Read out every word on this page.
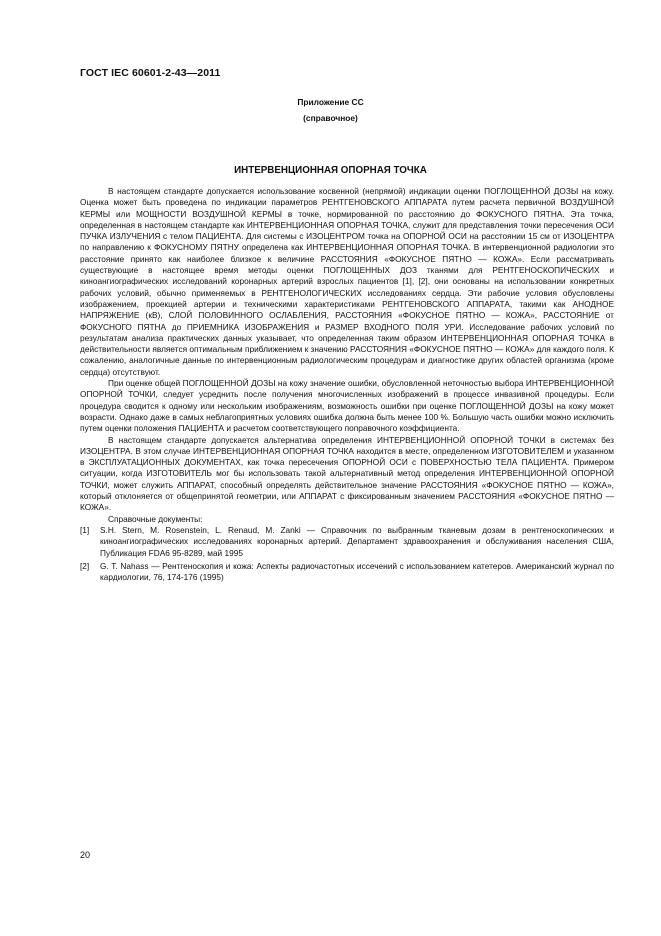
ГОСТ IEC 60601-2-43—2011
Приложение СС
(справочное)
ИНТЕРВЕНЦИОННАЯ ОПОРНАЯ ТОЧКА

В настоящем стандарте допускается использование косвенной (непрямой) индикации оценки ПОГЛОЩЕННОЙ ДОЗЫ на кожу. Оценка может быть проведена по индикации параметров РЕНТГЕНОВСКОГО АППАРАТА путем расчета первичной ВОЗДУШНОЙ КЕРМЫ или МОЩНОСТИ ВОЗДУШНОЙ КЕРМЫ в точке, нормированной по расстоянию до ФОКУСНОГО ПЯТНА. Эта точка, определенная в настоящем стандарте как ИНТЕРВЕНЦИОННАЯ ОПОРНАЯ ТОЧКА, служит для представления точки пересечения ОСИ ПУЧКА ИЗЛУЧЕНИЯ с телом ПАЦИЕНТА. Для системы с ИЗОЦЕНТРОМ точка на ОПОРНОЙ ОСИ на расстоянии 15 см от ИЗОЦЕНТРА по направлению к ФОКУСНОМУ ПЯТНУ определена как ИНТЕРВЕНЦИОННАЯ ОПОРНАЯ ТОЧКА. В интервенционной радиологии это расстояние принято как наиболее близкое к величине РАССТОЯНИЯ «ФОКУСНОЕ ПЯТНО — КОЖА». Если рассматривать существующие в настоящее время методы оценки ПОГЛОЩЕННЫХ ДОЗ тканями для РЕНТГЕНОСКОПИЧЕСКИХ и киноангиографических исследований коронарных артерий взрослых пациентов [1], [2], они основаны на использовании конкретных рабочих условий, обычно применяемых в РЕНТГЕНОЛОГИЧЕСКИХ исследованиях сердца. Эти рабочие условия обусловлены изображением, проекцией артерии и техническими характеристиками РЕНТГЕНОВСКОГО АППАРАТА, такими как АНОДНОЕ НАПРЯЖЕНИЕ (кВ), СЛОЙ ПОЛОВИННОГО ОСЛАБЛЕНИЯ, РАССТОЯНИЯ «ФОКУСНОЕ ПЯТНО — КОЖА», РАССТОЯНИЕ от ФОКУСНОГО ПЯТНА до ПРИЕМНИКА ИЗОБРАЖЕНИЯ и РАЗМЕР ВХОДНОГО ПОЛЯ УРИ. Исследование рабочих условий по результатам анализа практических данных указывает, что определенная таким образом ИНТЕРВЕНЦИОННАЯ ОПОРНАЯ ТОЧКА в действительности является оптимальным приближением к значению РАССТОЯНИЯ «ФОКУСНОЕ ПЯТНО — КОЖА» для каждого поля. К сожалению, аналогичные данные по интервенционным радиологическим процедурам и диагностике других областей организма (кроме сердца) отсутствуют.

При оценке общей ПОГЛОЩЕННОЙ ДОЗЫ на кожу значение ошибки, обусловленной неточностью выбора ИНТЕРВЕНЦИОННОЙ ОПОРНОЙ ТОЧКИ, следует усреднить после получения многочисленных изображений в процессе инвазивной процедуры. Если процедура сводится к одному или нескольким изображениям, возможность ошибки при оценке ПОГЛОЩЕННОЙ ДОЗЫ на кожу может возрасти. Однако даже в самых неблагоприятных условиях ошибка должна быть менее 100 %. Большую часть ошибки можно исключить путем оценки положения ПАЦИЕНТА и расчетом соответствующего поправочного коэффициента.

В настоящем стандарте допускается альтернатива определения ИНТЕРВЕНЦИОННОЙ ОПОРНОЙ ТОЧКИ в системах без ИЗОЦЕНТРА. В этом случае ИНТЕРВЕНЦИОННАЯ ОПОРНАЯ ТОЧКА находится в месте, определенном ИЗГОТОВИТЕЛЕМ и указанном в ЭКСПЛУАТАЦИОННЫХ ДОКУМЕНТАХ, как точка пересечения ОПОРНОЙ ОСИ с ПОВЕРХНОСТЬЮ ТЕЛА ПАЦИЕНТА. Примером ситуации, когда ИЗГОТОВИТЕЛЬ мог бы использовать такой альтернативный метод определения ИНТЕРВЕНЦИОННОЙ ОПОРНОЙ ТОЧКИ, может служить АППАРАТ, способный определять действительное значение РАССТОЯНИЯ «ФОКУСНОЕ ПЯТНО — КОЖА», который отклоняется от общепринятой геометрии, или АППАРАТ с фиксированным значением РАССТОЯНИЯ «ФОКУСНОЕ ПЯТНО — КОЖА».

Справочные документы:

[1]	S.H. Stern, M. Rosenstein, L. Renaud, M. Zanki — Справочник по выбранным тканевым дозам в рентгеноскопических и киноангиографических исследованиях коронарных артерий. Департамент здравоохранения и обслуживания населения США, Публикация FDA6 95-8289, май 1995
[2]	G. T. Nahass — Рентгеноскопия и кожа: Аспекты радиочастотных иссечений с использованием катетеров. Американский журнал по кардиологии, 76, 174-176 (1995)
20
